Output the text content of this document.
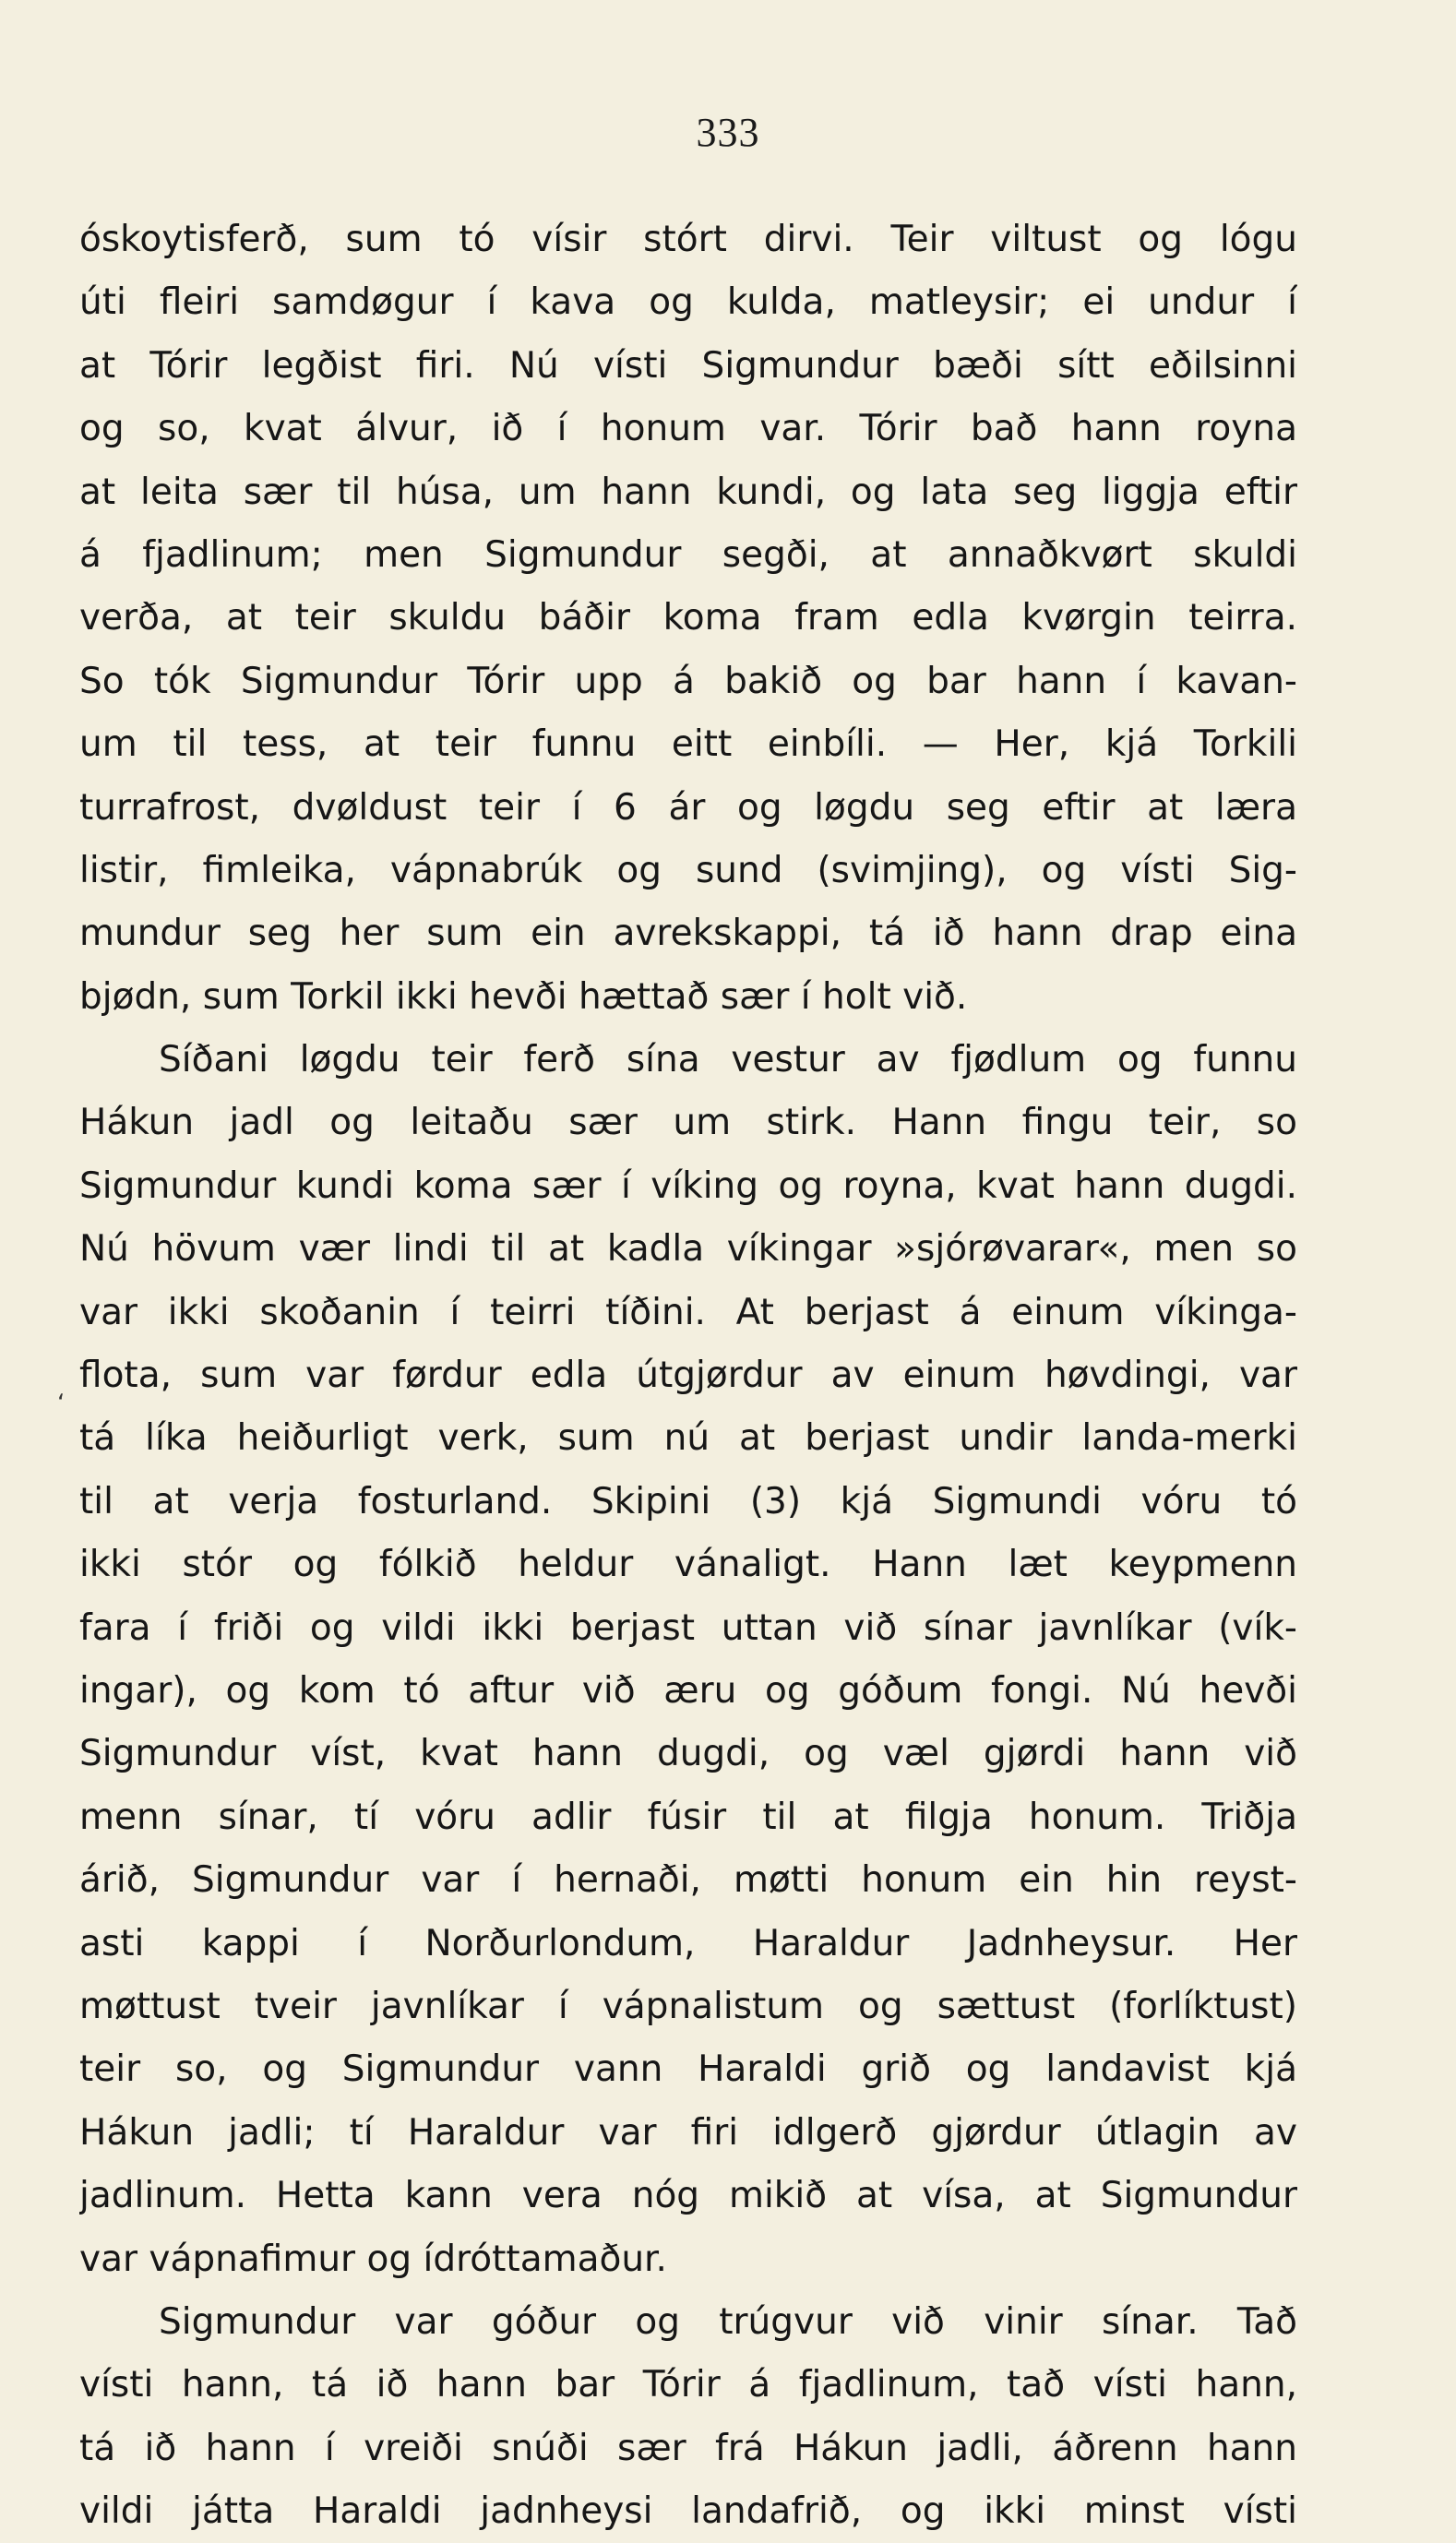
333
ʻ
óskoytisferð, sum tó vísir stórt dirvi. Teir viltust og lógu
úti fleiri samdøgur í kava og kulda, matleysir; ei undur í
at Tórir legðist firi. Nú vísti Sigmundur bæði sítt eðilsinni
og so, kvat álvur, ið í honum var. Tórir bað hann royna
at leita sær til húsa, um hann kundi, og lata seg liggja eftir
á fjadlinum; men Sigmundur segði, at annaðkvørt skuldi
verða, at teir skuldu báðir koma fram edla kvørgin teirra.
So tók Sigmundur Tórir upp á bakið og bar hann í kavan-
um til tess, at teir funnu eitt einbíli. — Her, kjá Torkili
turrafrost, dvøldust teir í 6 ár og løgdu seg eftir at læra
listir, fimleika, vápnabrúk og sund (svimjing), og vísti Sig-
mundur seg her sum ein avrekskappi, tá ið hann drap eina
bjødn, sum Torkil ikki hevði hættað sær í holt við.
Síðani løgdu teir ferð sína vestur av fjødlum og funnu
Hákun jadl og leitaðu sær um stirk. Hann fingu teir, so
Sigmundur kundi koma sær í víking og royna, kvat hann dugdi.
Nú hövum vær lindi til at kadla víkingar »sjórøvarar«, men so
var ikki skoðanin í teirri tíðini. At berjast á einum víkinga-
flota, sum var førdur edla útgjørdur av einum høvdingi, var
tá líka heiðurligt verk, sum nú at berjast undir landa-merki
til at verja fosturland. Skipini (3) kjá Sigmundi vóru tó
ikki stór og fólkið heldur vánaligt. Hann læt keypmenn
fara í friði og vildi ikki berjast uttan við sínar javnlíkar (vík-
ingar), og kom tó aftur við æru og góðum fongi. Nú hevði
Sigmundur víst, kvat hann dugdi, og væl gjørdi hann við
menn sínar, tí vóru adlir fúsir til at filgja honum. Triðja
árið, Sigmundur var í hernaði, møtti honum ein hin reyst-
asti kappi í Norðurlondum, Haraldur Jadnheysur. Her
møttust tveir javnlíkar í vápnalistum og sættust (forlíktust)
teir so, og Sigmundur vann Haraldi grið og landavist kjá
Hákun jadli; tí Haraldur var firi idlgerð gjørdur útlagin av
jadlinum. Hetta kann vera nóg mikið at vísa, at Sigmundur
var vápnafimur og ídróttamaður.
Sigmundur var góður og trúgvur við vinir sínar. Tað
vísti hann, tá ið hann bar Tórir á fjadlinum, tað vísti hann,
tá ið hann í vreiði snúði sær frá Hákun jadli, áðrenn hann
vildi játta Haraldi jadnheysi landafrið, og ikki minst vísti
